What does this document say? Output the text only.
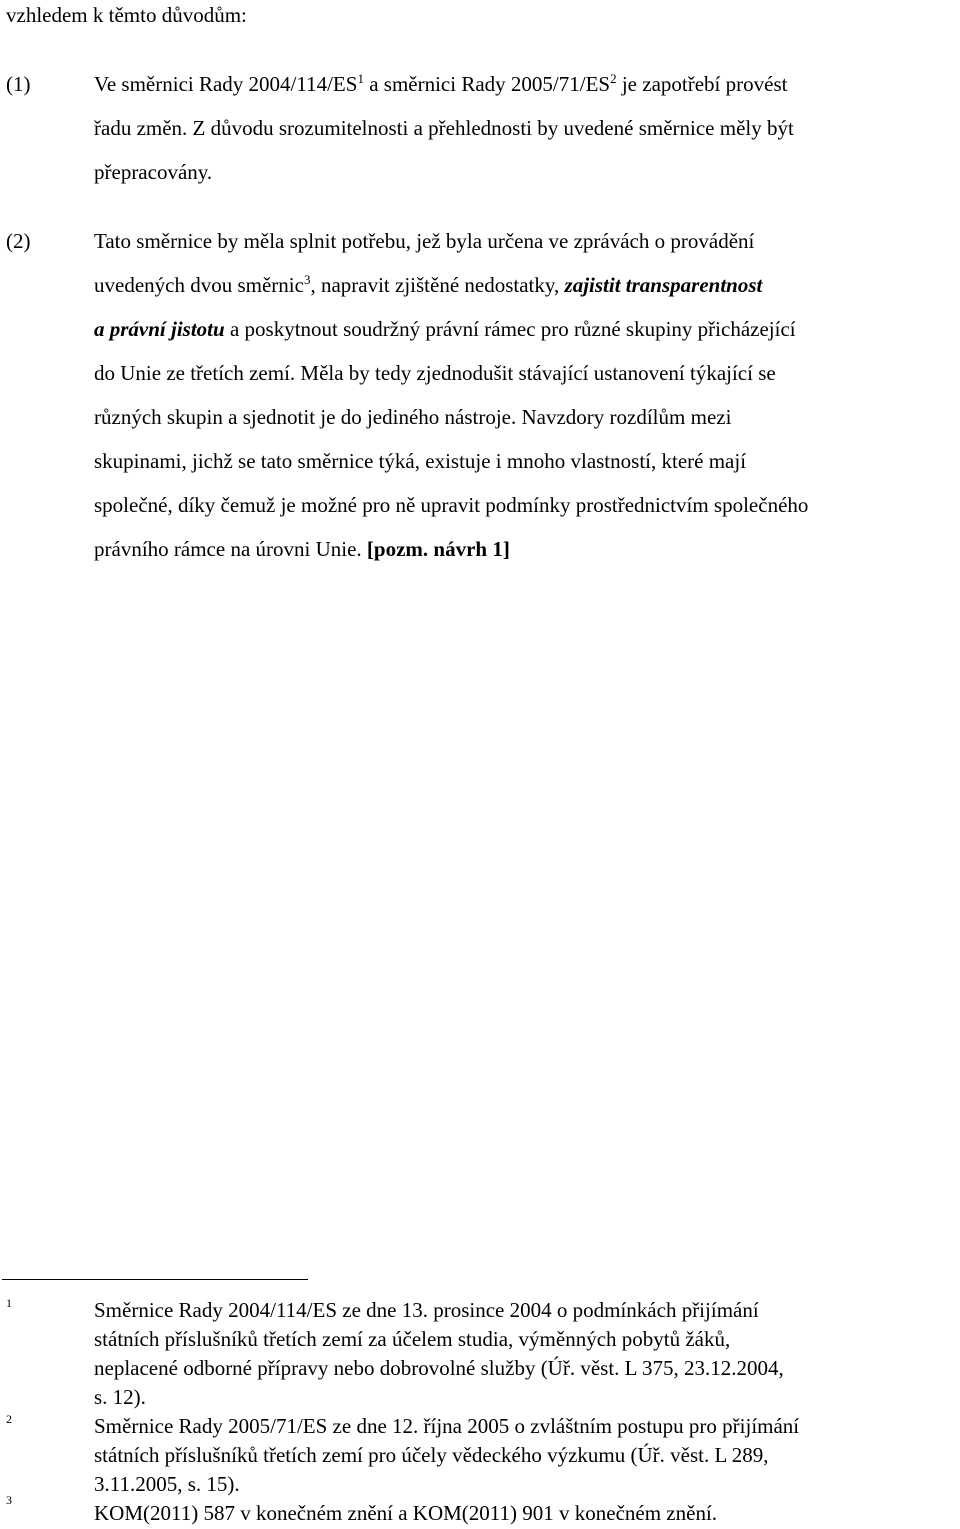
vzhledem k těmto důvodům:
(1)	Ve směrnici Rady $2004/114/ES^1$ a směrnici Rady $2005/71/ES^2$ je zapotřebí provést
řadu změn. Z důvodu srozumitelnosti a přehlednosti by uvedené směrnice měly být
přepracovány.
(2)	Tato směrnice by měla splnit potřebu, jež byla určena ve zprávách o provádění
uvedených dvou směrnic$^3$, napravit zjištěné nedostatky, zajistit transparentnost
a právní jistotu a poskytnout soudržný právní rámec pro různé skupiny přicházející
do Unie ze třetích zemí. Měla by tedy zjednodušit stávající ustanovení týkající se
různých skupin a sjednotit je do jediného nástroje. Navzdory rozdílům mezi
skupinami, jichž se tato směrnice týká, existuje i mnoho vlastností, které mají
společné, díky čemuž je možné pro ně upravit podmínky prostřednictvím společného
právního rámce na úrovni Unie. [pozm. návrh 1]
1	Směrnice Rady 2004/114/ES ze dne 13. prosince 2004 o podmínkách přijímání
státních příslušníků třetích zemí za účelem studia, výměnných pobytů žáků,
neplacené odborné přípravy nebo dobrovolné služby (Úř. věst. L 375, 23.12.2004,
s. 12).
2	Směrnice Rady 2005/71/ES ze dne 12. října 2005 o zvláštním postupu pro přijímání
státních příslušníků třetích zemí pro účely vědeckého výzkumu (Úř. věst. L 289,
3.11.2005, s. 15).
3
KOM(2011) 587 v konečném znění a KOM(2011) 901 v konečném znění.
